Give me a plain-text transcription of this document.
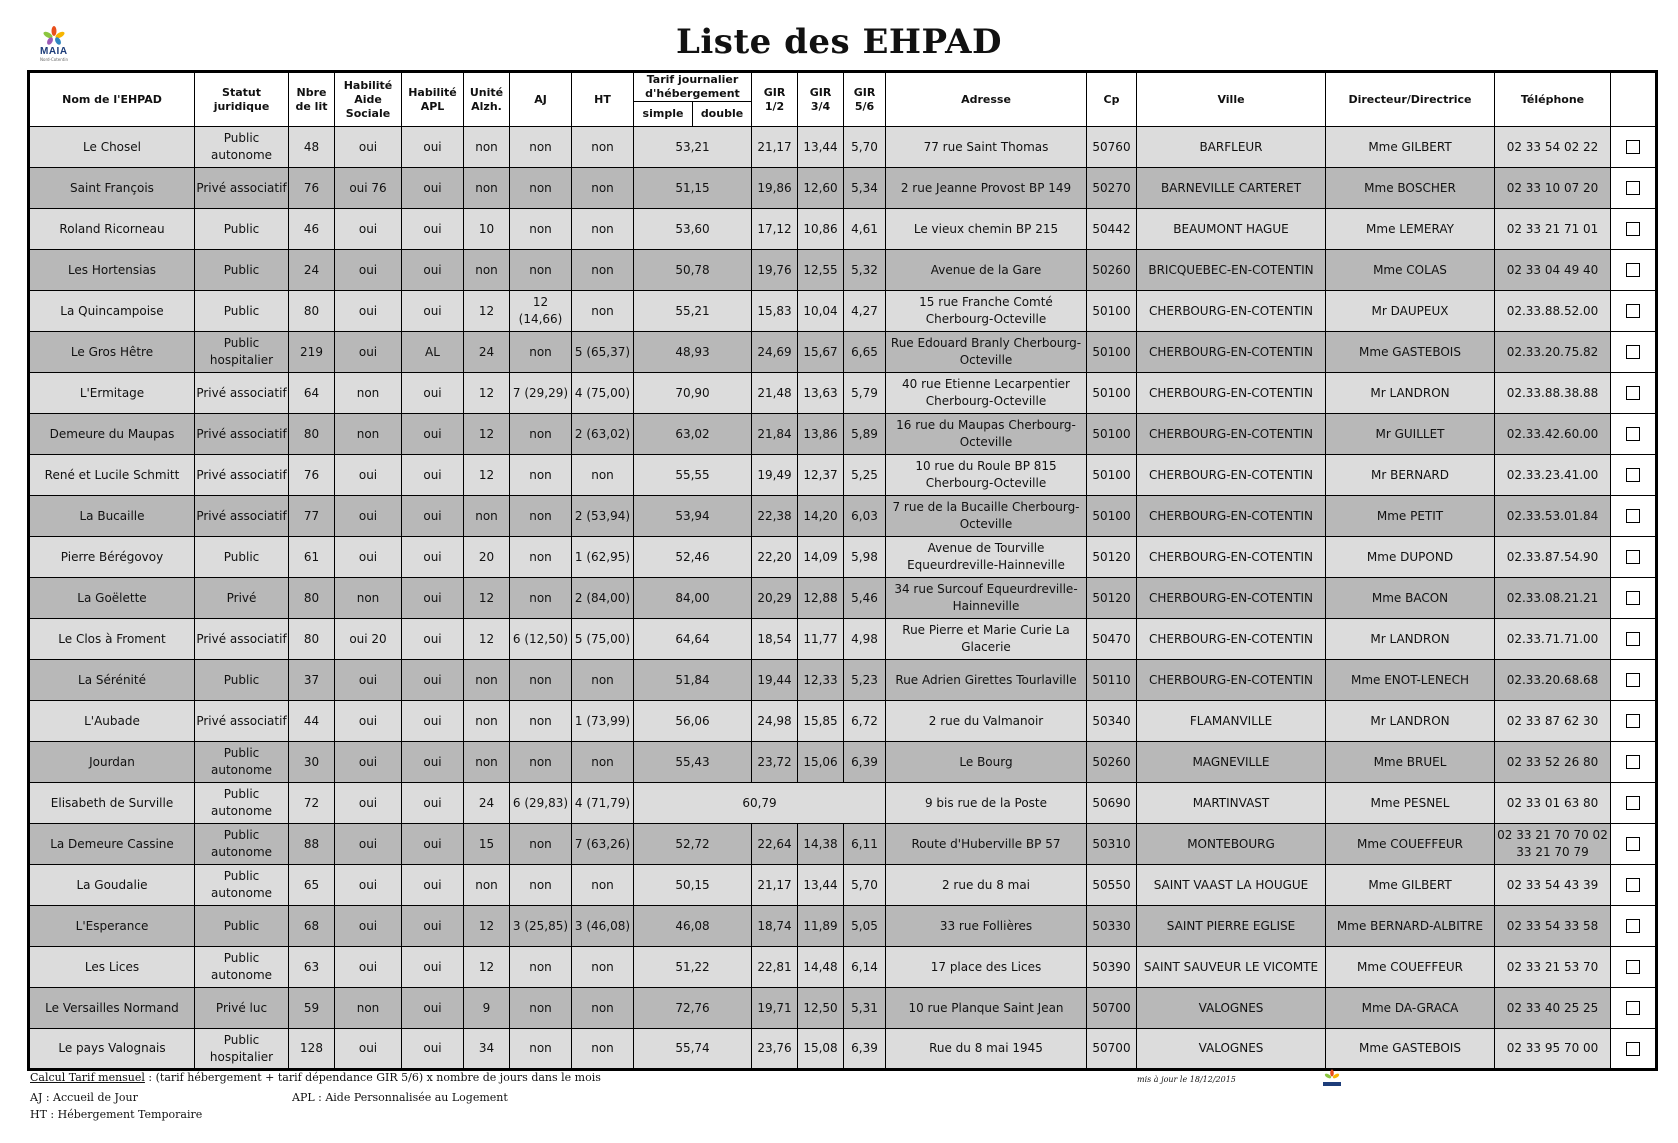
MAIA
Nord-Cotentin	Liste des EHPAD
Nom de l'EHPAD	Statut juridique	Nbre de lit	Habilité Aide Sociale	Habilité APL	Unité Alzh.	AJ	HT	Tarif journalier d'hébergement		GIR 1/2	GIR 3/4	GIR 5/6	Adresse	Cp	Ville	Directeur/Directrice	Téléphone	
								simple	double									
Le Chosel	Public autonome	48	oui	oui	non	non	non	53,21		21,17	13,44	5,70	77 rue Saint Thomas	50760	BARFLEUR	Mme GILBERT	02 33 54 02 22	
Saint François	Privé associatif	76	oui 76	oui	non	non	non	51,15		19,86	12,60	5,34	2 rue Jeanne Provost BP 149	50270	BARNEVILLE CARTERET	Mme BOSCHER	02 33 10 07 20	
Roland Ricorneau	Public	46	oui	oui	10	non	non	53,60		17,12	10,86	4,61	Le vieux chemin BP 215	50442	BEAUMONT HAGUE	Mme LEMERAY	02 33 21 71 01	
Les Hortensias	Public	24	oui	oui	non	non	non	50,78		19,76	12,55	5,32	Avenue de la Gare	50260	BRICQUEBEC-EN-COTENTIN	Mme COLAS	02 33 04 49 40	
La Quincampoise	Public	80	oui	oui	12	12 (14,66)	non	55,21		15,83	10,04	4,27	15 rue Franche Comté Cherbourg-Octeville	50100	CHERBOURG-EN-COTENTIN	Mr DAUPEUX	02.33.88.52.00	
Le Gros Hêtre	Public hospitalier	219	oui	AL	24	non	5 (65,37)	48,93		24,69	15,67	6,65	Rue Edouard Branly Cherbourg-Octeville	50100	CHERBOURG-EN-COTENTIN	Mme GASTEBOIS	02.33.20.75.82	
L'Ermitage	Privé associatif	64	non	oui	12	7 (29,29)	4 (75,00)	70,90		21,48	13,63	5,79	40 rue Etienne Lecarpentier Cherbourg-Octeville	50100	CHERBOURG-EN-COTENTIN	Mr LANDRON	02.33.88.38.88	
Demeure du Maupas	Privé associatif	80	non	oui	12	non	2 (63,02)	63,02		21,84	13,86	5,89	16 rue du Maupas Cherbourg-Octeville	50100	CHERBOURG-EN-COTENTIN	Mr GUILLET	02.33.42.60.00	
René et Lucile Schmitt	Privé associatif	76	oui	oui	12	non	non	55,55		19,49	12,37	5,25	10 rue du Roule BP 815 Cherbourg-Octeville	50100	CHERBOURG-EN-COTENTIN	Mr BERNARD	02.33.23.41.00	
La Bucaille	Privé associatif	77	oui	oui	non	non	2 (53,94)	53,94		22,38	14,20	6,03	7 rue de la Bucaille Cherbourg-Octeville	50100	CHERBOURG-EN-COTENTIN	Mme PETIT	02.33.53.01.84	
Pierre Bérégovoy	Public	61	oui	oui	20	non	1 (62,95)	52,46		22,20	14,09	5,98	Avenue de Tourville Equeurdreville-Hainneville	50120	CHERBOURG-EN-COTENTIN	Mme DUPOND	02.33.87.54.90	
La Goëlette	Privé	80	non	oui	12	non	2 (84,00)	84,00		20,29	12,88	5,46	34 rue Surcouf Equeurdreville-Hainneville	50120	CHERBOURG-EN-COTENTIN	Mme BACON	02.33.08.21.21	
Le Clos à Froment	Privé associatif	80	oui 20	oui	12	6 (12,50)	5 (75,00)	64,64		18,54	11,77	4,98	Rue Pierre et Marie Curie La Glacerie	50470	CHERBOURG-EN-COTENTIN	Mr LANDRON	02.33.71.71.00	
La Sérénité	Public	37	oui	oui	non	non	non	51,84		19,44	12,33	5,23	Rue Adrien Girettes Tourlaville	50110	CHERBOURG-EN-COTENTIN	Mme ENOT-LENECH	02.33.20.68.68	
L'Aubade	Privé associatif	44	oui	oui	non	non	1 (73,99)	56,06		24,98	15,85	6,72	2 rue du Valmanoir	50340	FLAMANVILLE	Mr LANDRON	02 33 87 62 30	
Jourdan	Public autonome	30	oui	oui	non	non	non	55,43		23,72	15,06	6,39	Le Bourg	50260	MAGNEVILLE	Mme BRUEL	02 33 52 26 80	
Elisabeth de Surville	Public autonome	72	oui	oui	24	6 (29,83)	4 (71,79)	60,79					9 bis rue de la Poste	50690	MARTINVAST	Mme PESNEL	02 33 01 63 80	
La Demeure Cassine	Public autonome	88	oui	oui	15	non	7 (63,26)	52,72		22,64	14,38	6,11	Route d'Huberville BP 57	50310	MONTEBOURG	Mme COUEFFEUR	02 33 21 70 70 02 33 21 70 79	
La Goudalie	Public autonome	65	oui	oui	non	non	non	50,15		21,17	13,44	5,70	2 rue du 8 mai	50550	SAINT VAAST LA HOUGUE	Mme GILBERT	02 33 54 43 39	
L'Esperance	Public	68	oui	oui	12	3 (25,85)	3 (46,08)	46,08		18,74	11,89	5,05	33 rue Follières	50330	SAINT PIERRE EGLISE	Mme BERNARD-ALBITRE	02 33 54 33 58	
Les Lices	Public autonome	63	oui	oui	12	non	non	51,22		22,81	14,48	6,14	17 place des Lices	50390	SAINT SAUVEUR LE VICOMTE	Mme COUEFFEUR	02 33 21 53 70	
Le Versailles Normand	Privé luc	59	non	oui	9	non	non	72,76		19,71	12,50	5,31	10 rue Planque Saint Jean	50700	VALOGNES	Mme DA-GRACA	02 33 40 25 25	
Le pays Valognais	Public hospitalier	128	oui	oui	34	non	non	55,74		23,76	15,08	6,39	Rue du 8 mai 1945	50700	VALOGNES	Mme GASTEBOIS	02 33 95 70 00	
Calcul Tarif mensuel : (tarif hébergement + tarif dépendance GIR 5/6) x nombre de jours dans le mois
AJ : Accueil de Jour	APL : Aide Personnalisée au Logement
HT : Hébergement Temporaire
mis à jour le 18/12/2015
